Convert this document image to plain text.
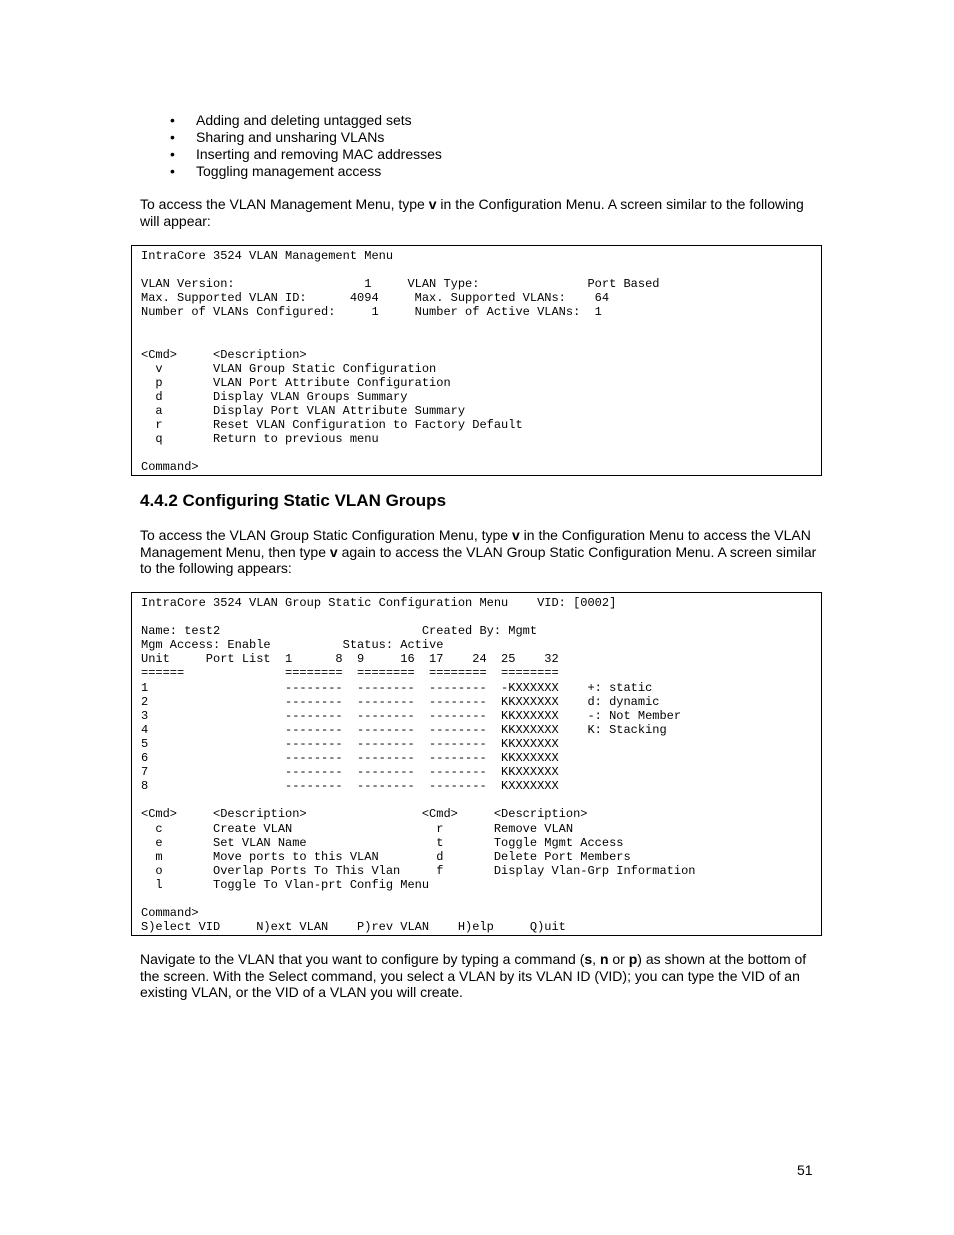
• Adding and deleting untagged sets
• Sharing and unsharing VLANs
• Inserting and removing MAC addresses
• Toggling management access

To access the VLAN Management Menu, type v in the Configuration Menu. A screen similar to the following will appear:

4.4.2 Configuring Static VLAN Groups

To access the VLAN Group Static Configuration Menu, type v in the Configuration Menu to access the VLAN Management Menu, then type v again to access the VLAN Group Static Configuration Menu. A screen similar to the following appears:

Navigate to the VLAN that you want to configure by typing a command (s, n or p) as shown at the bottom of the screen. With the Select command, you select a VLAN by its VLAN ID (VID); you can type the VID of an existing VLAN, or the VID of a VLAN you will create.

IntraCore 3524 VLAN Management Menu
VLAN Version:                  1     VLAN Type:               Port Based
Max. Supported VLAN ID:      4094     Max. Supported VLANs:    64
Number of VLANs Configured:     1     Number of Active VLANs:  1
<Cmd>     <Description>
v       VLAN Group Static Configuration
p       VLAN Port Attribute Configuration
d       Display VLAN Groups Summary
a       Display Port VLAN Attribute Summary
r       Reset VLAN Configuration to Factory Default
q       Return to previous menu
Command>
IntraCore 3524 VLAN Group Static Configuration Menu    VID: [0002]
Name: test2                            Created By: Mgmt
Mgm Access: Enable          Status: Active
Unit     Port List  1      8  9     16  17    24  25    32
======              ========  ========  ========  ========
1                   --------  --------  --------  -KXXXXXX    +: static
2                   --------  --------  --------  KKXXXXXX    d: dynamic
3                   --------  --------  --------  KKXXXXXX    -: Not Member
4                   --------  --------  --------  KKXXXXXX    K: Stacking
5                   --------  --------  --------  KKXXXXXX
6                   --------  --------  --------  KKXXXXXX
7                   --------  --------  --------  KKXXXXXX
8                   --------  --------  --------  KXXXXXXX
<Cmd>     <Description>                <Cmd>     <Description>
c       Create VLAN                    r       Remove VLAN
e       Set VLAN Name                  t       Toggle Mgmt Access
m       Move ports to this VLAN        d       Delete Port Members
o       Overlap Ports To This Vlan     f       Display Vlan-Grp Information
l       Toggle To Vlan-prt Config Menu
Command>
S)elect VID     N)ext VLAN    P)rev VLAN    H)elp     Q)uit
51
